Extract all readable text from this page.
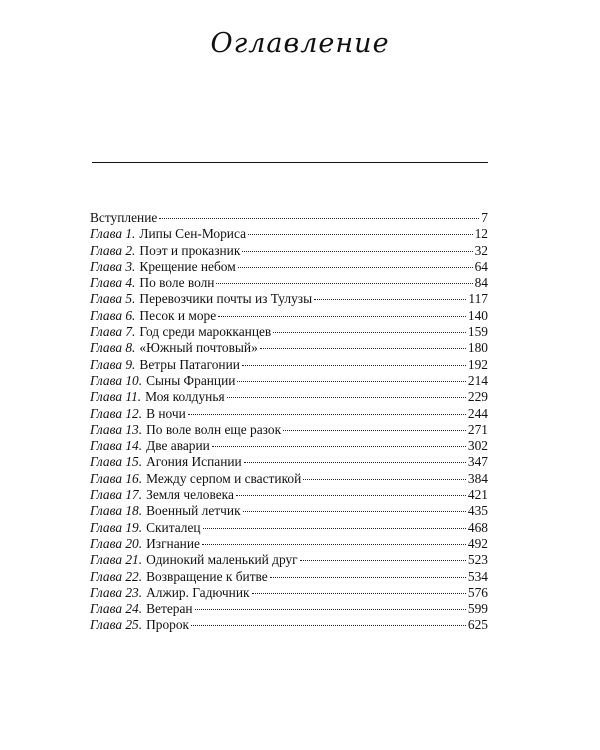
Оглавление
Вступление	7
Глава 1. Липы Сен-Мориса	12
Глава 2. Поэт и проказник	32
Глава 3. Крещение небом	64
Глава 4. По воле волн	84
Глава 5. Перевозчики почты из Тулузы	117
Глава 6. Песок и море	140
Глава 7. Год среди марокканцев	159
Глава 8. «Южный почтовый»	180
Глава 9. Ветры Патагонии	192
Глава 10. Сыны Франции	214
Глава 11. Моя колдунья	229
Глава 12. В ночи	244
Глава 13. По воле волн еще разок	271
Глава 14. Две аварии	302
Глава 15. Агония Испании	347
Глава 16. Между серпом и свастикой	384
Глава 17. Земля человека	421
Глава 18. Военный летчик	435
Глава 19. Скиталец	468
Глава 20. Изгнание	492
Глава 21. Одинокий маленький друг	523
Глава 22. Возвращение к битве	534
Глава 23. Алжир. Гадючник	576
Глава 24. Ветеран	599
Глава 25. Пророк	625
